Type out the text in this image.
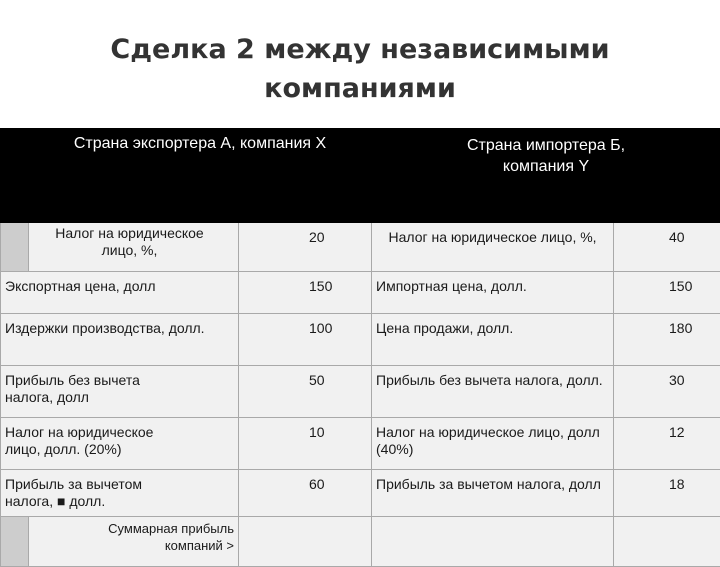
Сделка 2 между независимыми
компаниями

	Страна экспортера А, компания Х		Страна импортера Б,
компания Y	

	Налог на юридическое лицо, %,	20	Налог на юридическое лицо, %,	40

Экспортная цена, долл		150	Импортная цена, долл.	150

Издержки производства, долл.		100	Цена продажи, долл.	180

Прибыль без вычета налога, долл		50	Прибыль без вычета налога, долл.	30

Налог на юридическое лицо, долл. (20%)		10	Налог на юридическое лицо, долл (40%)	12

Прибыль за вычетом налога, ■ долл.		60	Прибыль за вычетом налога, долл	18

	Суммарная прибыль
компаний >			
